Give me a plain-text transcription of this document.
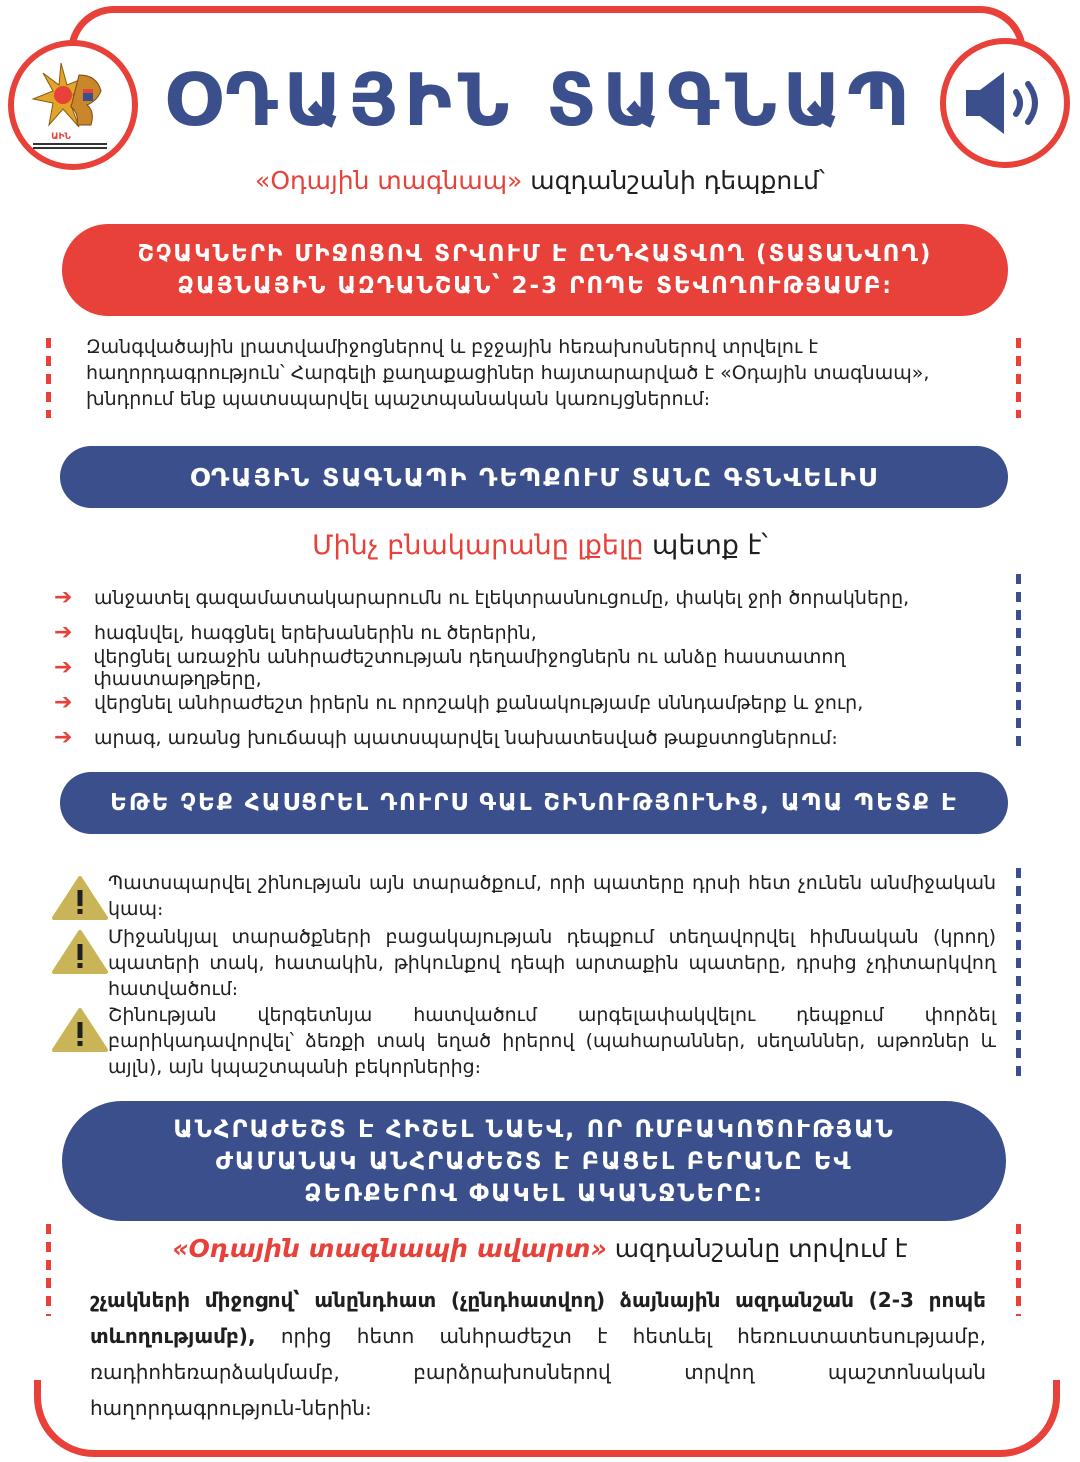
ԱԻՆ ՕԴԱՅԻՆ ՏԱԳՆԱՊ
«Օդային տագնապ» ազդանշանի դեպքում՝
ՇՉԱԿՆԵՐԻ ՄԻՋՈՑՈՎ ՏՐՎՈՒՄ Է ԸՆԴՀԱՏՎՈՂ (ՏԱՏԱՆՎՈՂ)
ՁԱՅՆԱՅԻՆ ԱԶԴԱՆՇԱՆ՝ 2-3 ՐՈՊԵ ՏԵՎՈՂՈՒԹՅԱՄԲ։
Զանգվածային լրատվամիջոցներով և բջջային հեռախոսներով տրվելու է հաղորդագրություն՝ Հարգելի քաղաքացիներ հայտարարված է «Օդային տագնապ», խնդրում ենք պատսպարվել պաշտպանական կառույցներում։
ՕԴԱՅԻՆ ՏԱԳՆԱՊԻ ԴԵՊՔՈՒՄ ՏԱՆԸ ԳՏՆՎԵԼԻՍ
Մինչ բնակարանը լքելը պետք է՝
➔	անջատել գազամատակարարումն ու էլեկտրասնուցումը, փակել ջրի ծորակները,
➔	հագնվել, հագցնել երեխաներին ու ծերերին,
➔	վերցնել առաջին անհրաժեշտության դեղամիջոցներն ու անձը հաստատող փաստաթղթերը,
➔	վերցնել անհրաժեշտ իրերն ու որոշակի քանակությամբ սննդամթերք և ջուր,
➔	արագ, առանց խուճապի պատսպարվել նախատեսված թաքստոցներում։
ԵԹԵ ՉԵՔ ՀԱՍՑՐԵԼ ԴՈՒՐՍ ԳԱԼ ՇԻՆՈՒԹՅՈՒՆԻՑ, ԱՊԱ ՊԵՏՔ Է
Պատսպարվել շինության այն տարածքում, որի պատերը դրսի հետ չունեն անմիջական կապ։
Միջանկյալ տարածքների բացակայության դեպքում տեղավորվել հիմնական (կրող) պատերի տակ, հատակին, թիկունքով դեպի արտաքին պատերը, դրսից չդիտարկվող հատվածում։
Շինության վերգետնյա հատվածում արգելափակվելու դեպքում փորձել բարիկադավորվել՝ ձեռքի տակ եղած իրերով (պահարաններ, սեղաններ, աթոռներ և այլն), այն կպաշտպանի բեկորներից։
ԱՆՀՐԱԺԵՇՏ Է ՀԻՇԵԼ ՆԱԵՎ, ՈՐ ՌՄԲԱԿՈԾՈՒԹՅԱՆ
ԺԱՄԱՆԱԿ ԱՆՀՐԱԺԵՇՏ Է ԲԱՑԵԼ ԲԵՐԱՆԸ ԵՎ
ՁԵՌՔԵՐՈՎ ՓԱԿԵԼ ԱԿԱՆՋՆԵՐԸ։
«Օդային տագնապի ավարտ» ազդանշանը տրվում է
շչակների միջոցով՝ անընդհատ (չընդհատվող) ձայնային ազդանշան (2-3 րոպե տևողությամբ), որից հետո անհրաժեշտ է հետևել հեռուստատեսությամբ, ռադիոհեռարձակմամբ, բարձրախոսներով տրվող պաշտոնական հաղորդագրություն-ներին։
